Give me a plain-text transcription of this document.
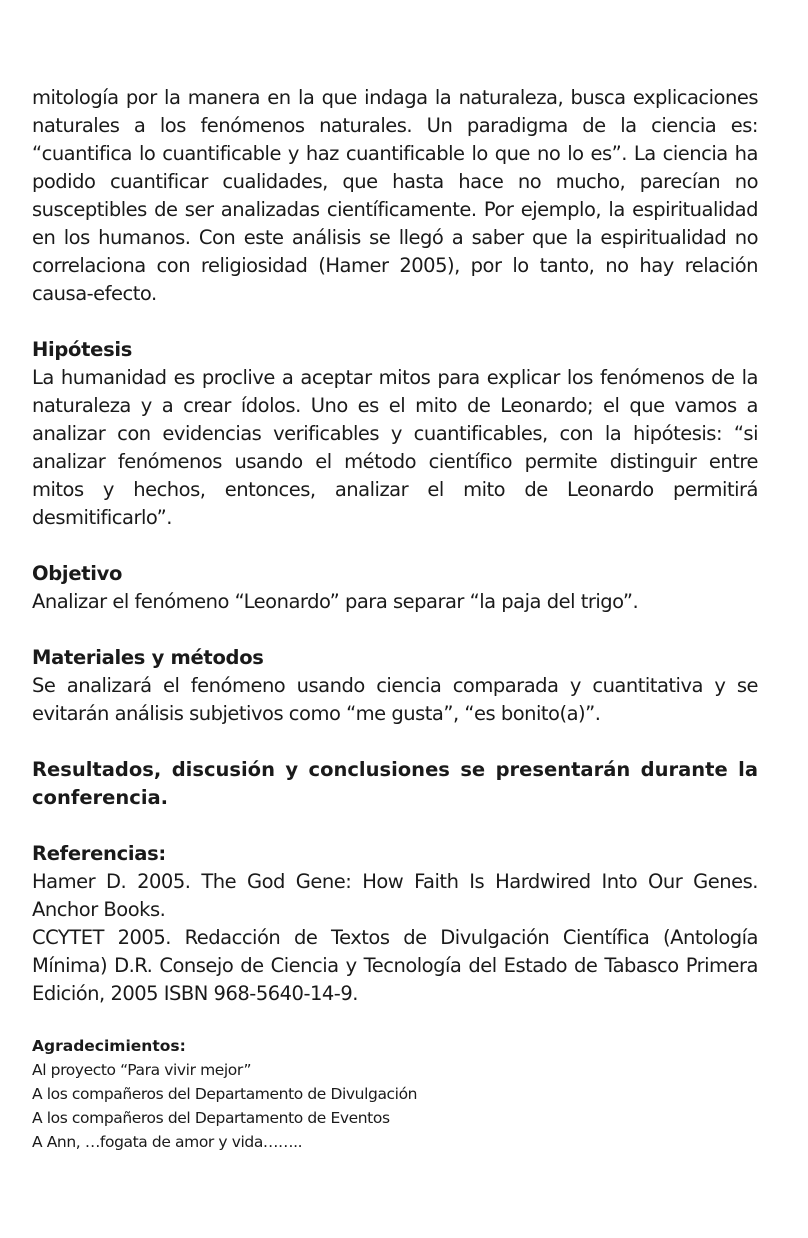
mitología por la manera en la que indaga la naturaleza, busca explicaciones naturales a los fenómenos naturales. Un paradigma de la ciencia es: “cuantifica lo cuantificable y haz cuantificable lo que no lo es”. La ciencia ha podido cuantificar cualidades, que hasta hace no mucho, parecían no susceptibles de ser analizadas científicamente. Por ejemplo, la espiritualidad en los humanos. Con este análisis se llegó a saber que la espiritualidad no correlaciona con religiosidad (Hamer 2005), por lo tanto, no hay relación causa-efecto.

Hipótesis

La humanidad es proclive a aceptar mitos para explicar los fenómenos de la naturaleza y a crear ídolos. Uno es el mito de Leonardo; el que vamos a analizar con evidencias verificables y cuantificables, con la hipótesis: “si analizar fenómenos usando el método científico permite distinguir entre mitos y hechos, entonces, analizar el mito de Leonardo permitirá desmitificarlo”.

Objetivo

Analizar el fenómeno “Leonardo” para separar “la paja del trigo”.

Materiales y métodos

Se analizará el fenómeno usando ciencia comparada y cuantitativa y se evitarán análisis subjetivos como “me gusta”, “es bonito(a)”.

Resultados, discusión y conclusiones se presentarán durante la conferencia.

Referencias:

Hamer D. 2005. The God Gene: How Faith Is Hardwired Into Our Genes. Anchor Books.

CCYTET 2005. Redacción de Textos de Divulgación Científica (Antología Mínima) D.R. Consejo de Ciencia y Tecnología del Estado de Tabasco Primera Edición, 2005 ISBN 968-5640-14-9.

Agradecimientos:

Al proyecto “Para vivir mejor”

A los compañeros del Departamento de Divulgación

A los compañeros del Departamento de Eventos

A Ann, …fogata de amor y vida……..
